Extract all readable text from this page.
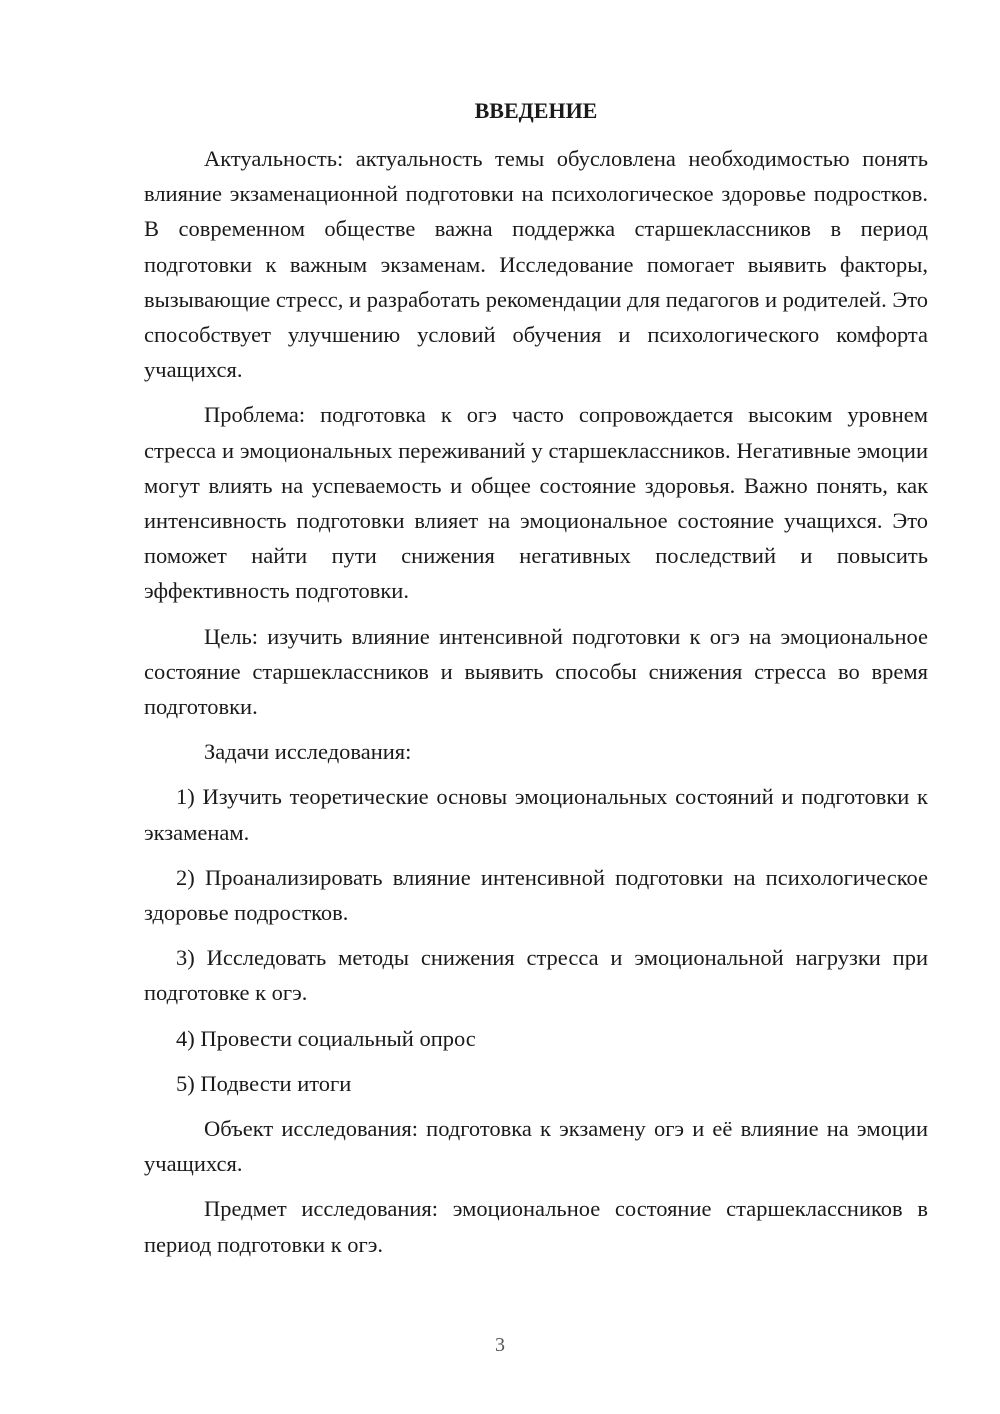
ВВЕДЕНИЕ

Актуальность: актуальность темы обусловлена необходимостью понять влияние экзаменационной подготовки на психологическое здоровье подростков. В современном обществе важна поддержка старшеклассников в период подготовки к важным экзаменам. Исследование помогает выявить факторы, вызывающие стресс, и разработать рекомендации для педагогов и родителей. Это способствует улучшению условий обучения и психологического комфорта учащихся.

Проблема: подготовка к огэ часто сопровождается высоким уровнем стресса и эмоциональных переживаний у старшеклассников. Негативные эмоции могут влиять на успеваемость и общее состояние здоровья. Важно понять, как интенсивность подготовки влияет на эмоциональное состояние учащихся. Это поможет найти пути снижения негативных последствий и повысить эффективность подготовки.

Цель: изучить влияние интенсивной подготовки к огэ на эмоциональное состояние старшеклассников и выявить способы снижения стресса во время подготовки.

Задачи исследования:

1) Изучить теоретические основы эмоциональных состояний и подготовки к экзаменам.

2) Проанализировать влияние интенсивной подготовки на психологическое здоровье подростков.

3) Исследовать методы снижения стресса и эмоциональной нагрузки при подготовке к огэ.

4) Провести социальный опрос

5) Подвести итоги

Объект исследования: подготовка к экзамену огэ и её влияние на эмоции учащихся.

Предмет исследования: эмоциональное состояние старшеклассников в период подготовки к огэ.

3
